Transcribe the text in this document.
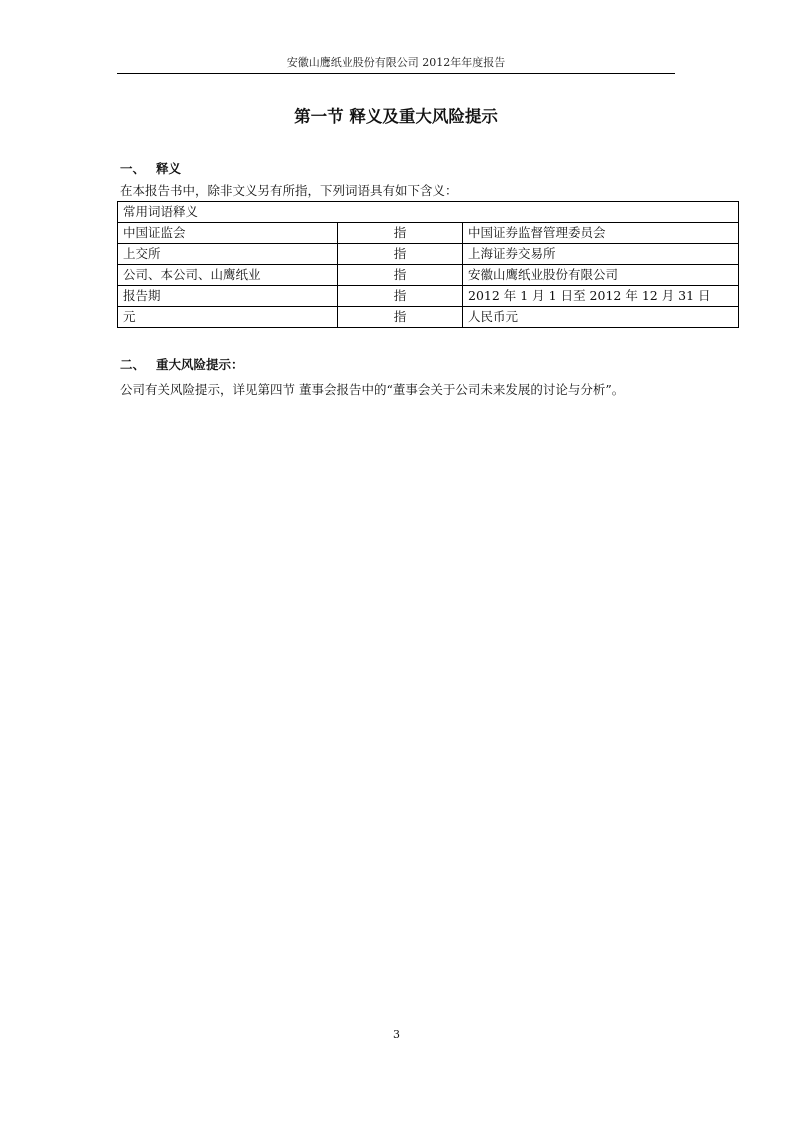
安徽山鹰纸业股份有限公司 2012年年度报告
第一节 释义及重大风险提示
一、 释义
在本报告书中，除非文义另有所指，下列词语具有如下含义：
常用词语释义		
中国证监会	指	中国证券监督管理委员会
上交所	指	上海证券交易所
公司、本公司、山鹰纸业	指	安徽山鹰纸业股份有限公司
报告期	指	2012 年 1 月 1 日至 2012 年 12 月 31 日
元	指	人民币元
二、 重大风险提示：
公司有关风险提示，详见第四节 董事会报告中的“董事会关于公司未来发展的讨论与分析”。
3
